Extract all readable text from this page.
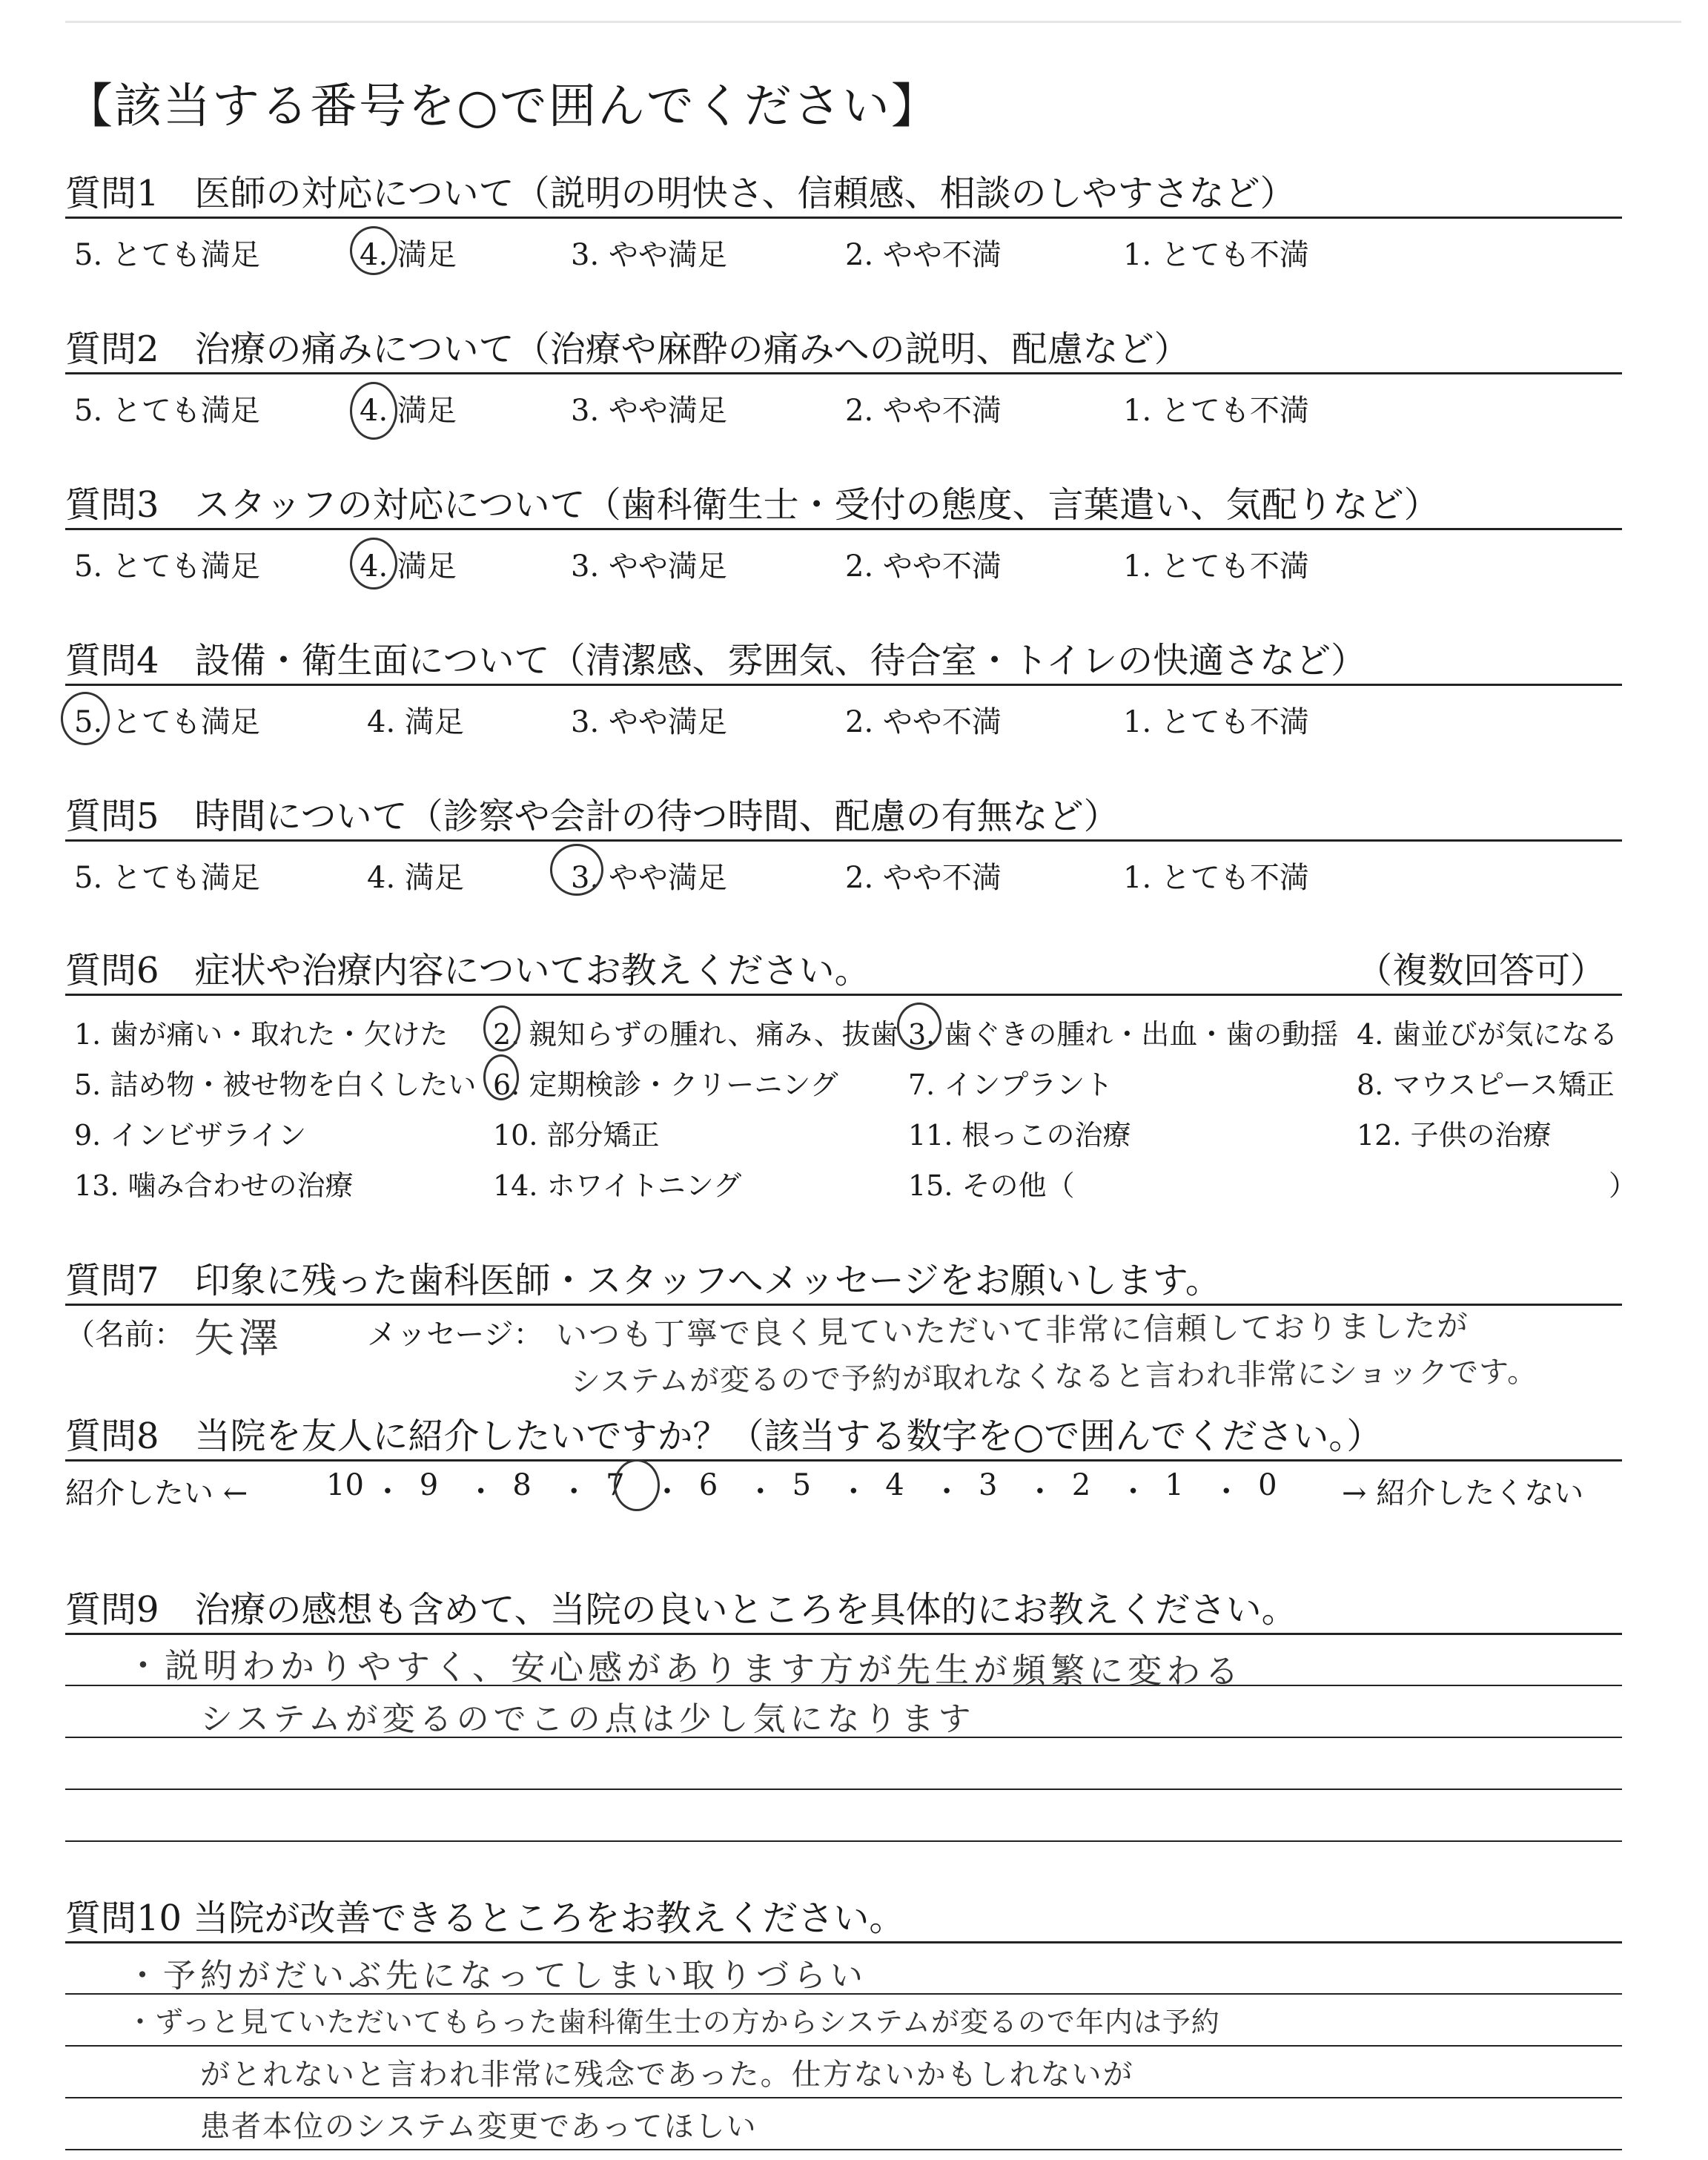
【該当する番号を○で囲んでください】
質問1　医師の対応について（説明の明快さ、信頼感、相談のしやすさなど）
5. とても満足	4. 満足	3. やや満足	2. やや不満	1. とても不満
質問2　治療の痛みについて（治療や麻酔の痛みへの説明、配慮など）
5. とても満足	4. 満足	3. やや満足	2. やや不満	1. とても不満
質問3　スタッフの対応について（歯科衛生士・受付の態度、言葉遣い、気配りなど）
5. とても満足	4. 満足	3. やや満足	2. やや不満	1. とても不満
質問4　設備・衛生面について（清潔感、雰囲気、待合室・トイレの快適さなど）
5. とても満足	4. 満足	3. やや満足	2. やや不満	1. とても不満
質問5　時間について（診察や会計の待つ時間、配慮の有無など）
5. とても満足	4. 満足	3. やや満足	2. やや不満	1. とても不満
質問6　症状や治療内容についてお教えください。	（複数回答可）
1. 歯が痛い・取れた・欠けた 2. 親知らずの腫れ、痛み、抜歯 3. 歯ぐきの腫れ・出血・歯の動揺 4. 歯並びが気になる
5. 詰め物・被せ物を白くしたい 6. 定期検診・クリーニング 7. インプラント	8. マウスピース矯正
9. インビザライン	10. 部分矯正	11. 根っこの治療	12. 子供の治療
13. 噛み合わせの治療	14. ホワイトニング	15. その他（	）
質問7　印象に残った歯科医師・スタッフへメッセージをお願いします。
（名前： 矢澤	メッセージ： いつも丁寧で良く見ていただいて非常に信頼しておりましたが
システムが変るので予約が取れなくなると言われ非常にショックです。
質問8　当院を友人に紹介したいですか？（該当する数字を○で囲んでください。）
紹介したい ←	10 ・ 9 ・ 8 ・ 7 ・ 6 ・ 5 ・ 4 ・ 3 ・ 2 ・ 1 ・ 0 → 紹介したくない
質問9　治療の感想も含めて、当院の良いところを具体的にお教えください。
・説明わかりやすく、安心感があります方が先生が頻繁に変わる
システムが変るのでこの点は少し気になります
質問10 当院が改善できるところをお教えください。
・予約がだいぶ先になってしまい取りづらい
・ずっと見ていただいてもらった歯科衛生士の方からシステムが変るので年内は予約
がとれないと言われ非常に残念であった。仕方ないかもしれないが
患者本位のシステム変更であってほしい
